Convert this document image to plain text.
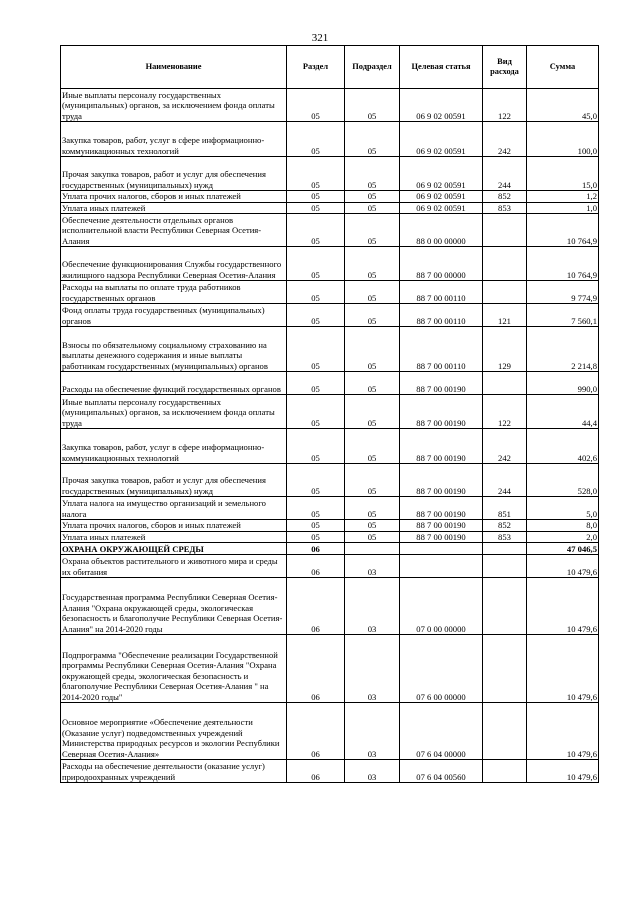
321
Наименование	Раздел	Подраздел	Целевая статья	Вид расхода	Сумма
Иные выплаты персоналу государственных (муниципальных) органов, за исключением фонда оплаты труда	05	05	06 9 02 00591	122	45,0
Закупка товаров, работ, услуг в сфере информационно-коммуникационных технологий	05	05	06 9 02 00591	242	100,0
Прочая закупка товаров, работ и услуг для обеспечения государственных (муниципальных) нужд	05	05	06 9 02 00591	244	15,0
Уплата прочих налогов, сборов и иных платежей	05	05	06 9 02 00591	852	1,2
Уплата иных платежей	05	05	06 9 02 00591	853	1,0
Обеспечение деятельности отдельных органов исполнительной власти Республики Северная Осетия-Алания	05	05	88 0 00 00000		10 764,9
Обеспечение функционирования Службы государственного жилищного надзора Республики Северная Осетия-Алания	05	05	88 7 00 00000		10 764,9
Расходы на выплаты по оплате труда работников государственных органов	05	05	88 7 00 00110		9 774,9
Фонд оплаты труда государственных (муниципальных) органов	05	05	88 7 00 00110	121	7 560,1
Взносы по обязательному социальному страхованию на выплаты денежного содержания и иные выплаты работникам государственных (муниципальных) органов	05	05	88 7 00 00110	129	2 214,8
Расходы на обеспечение функций государственных органов	05	05	88 7 00 00190		990,0
Иные выплаты персоналу государственных (муниципальных) органов, за исключением фонда оплаты труда	05	05	88 7 00 00190	122	44,4
Закупка товаров, работ, услуг в сфере информационно-коммуникационных технологий	05	05	88 7 00 00190	242	402,6
Прочая закупка товаров, работ и услуг для обеспечения государственных (муниципальных) нужд	05	05	88 7 00 00190	244	528,0
Уплата налога на имущество организаций и земельного налога	05	05	88 7 00 00190	851	5,0
Уплата прочих налогов, сборов и иных платежей	05	05	88 7 00 00190	852	8,0
Уплата иных платежей	05	05	88 7 00 00190	853	2,0
ОХРАНА ОКРУЖАЮЩЕЙ СРЕДЫ	06				47 046,5
Охрана объектов растительного и животного мира и среды их обитания	06	03			10 479,6
Государственная программа Республики Северная Осетия-Алания "Охрана окружающей среды, экологическая безопасность и благополучие Республики Северная Осетия-Алания" на 2014-2020 годы	06	03	07 0 00 00000		10 479,6
Подпрограмма "Обеспечение реализации Государственной программы Республики Северная Осетия-Алания "Охрана окружающей среды, экологическая безопасность и благополучие Республики Северная Осетия-Алания " на 2014-2020 годы"	06	03	07 6 00 00000		10 479,6
Основное мероприятие «Обеспечение деятельности (Оказание услуг) подведомственных учреждений Министерства природных ресурсов и экологии Республики Северная Осетия-Алания»	06	03	07 6 04 00000		10 479,6
Расходы на обеспечение деятельности (оказание услуг) природоохранных учреждений	06	03	07 6 04 00560		10 479,6
